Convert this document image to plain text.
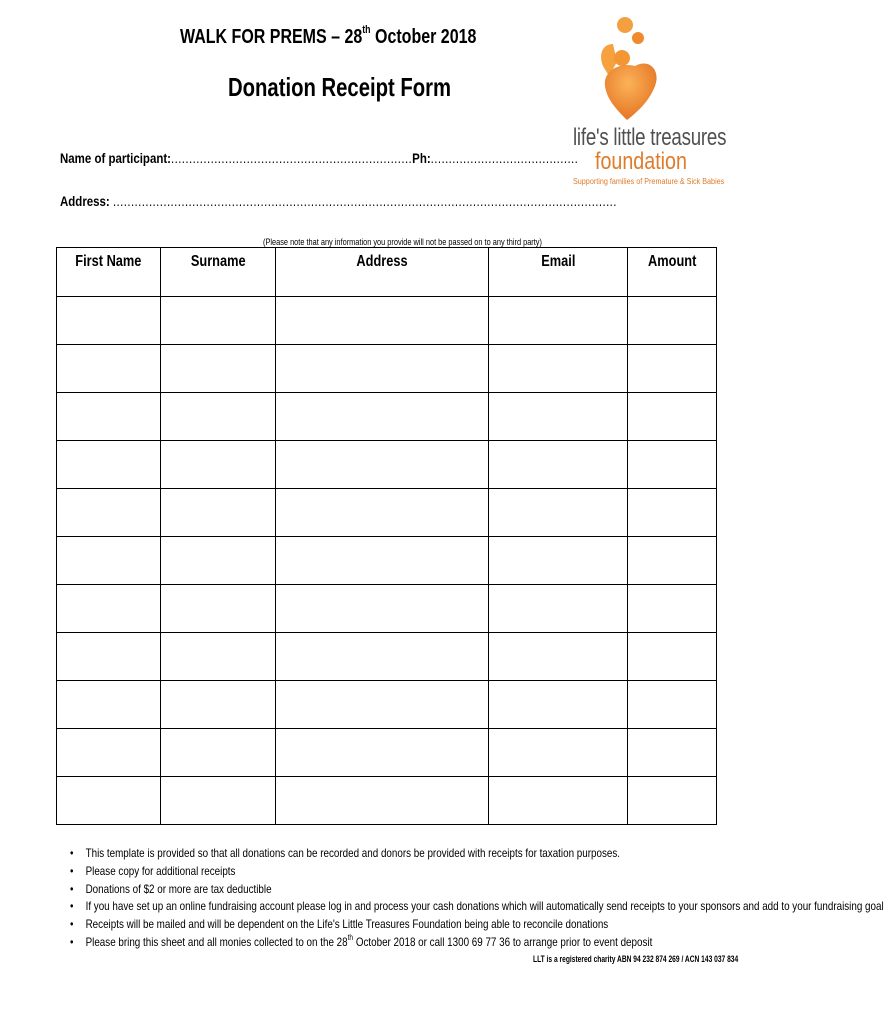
WALK FOR PREMS – 28th October 2018
Donation Receipt Form
life's little treasures
foundation
Supporting families of Premature & Sick Babies
Name of participant:...................................................................Ph:.........................................
Address: ............................................................................................................................................
(Please note that any information you provide will not be passed on to any third party)
First Name	Surname	Address	Email	Amount

• This template is provided so that all donations can be recorded and donors be provided with receipts for taxation purposes.
• Please copy for additional receipts
• Donations of $2 or more are tax deductible
• If you have set up an online fundraising account please log in and process your cash donations which will automatically send receipts to your sponsors and add to your fundraising goal
• Receipts will be mailed and will be dependent on the Life's Little Treasures Foundation being able to reconcile donations
• Please bring this sheet and all monies collected to on the 28th October 2018 or call 1300 69 77 36 to arrange prior to event deposit
LLT is a registered charity ABN 94 232 874 269 / ACN 143 037 834
